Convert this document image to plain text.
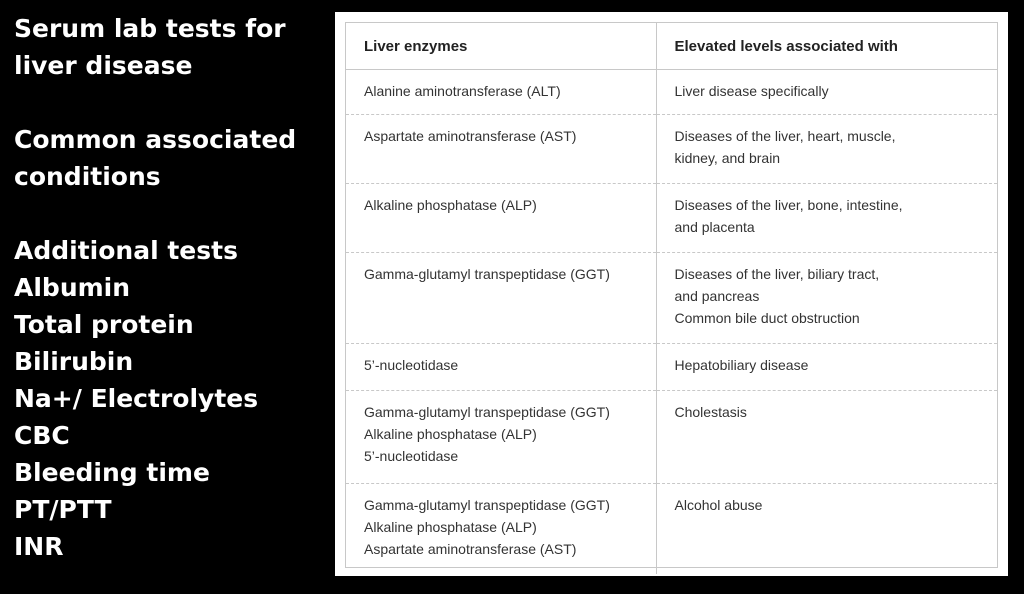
Serum lab tests for
liver disease
Common associated
conditions
Additional tests
Albumin
Total protein
Bilirubin
Na+/ Electrolytes
CBC
Bleeding time
PT/PTT
INR
Liver enzymes	Elevated levels associated with

Alanine aminotransferase (ALT)	Liver disease specifically

Aspartate aminotransferase (AST)	Diseases of the liver, heart, muscle,
kidney, and brain

Alkaline phosphatase (ALP)	Diseases of the liver, bone, intestine,
and placenta

Gamma-glutamyl transpeptidase (GGT)	Diseases of the liver, biliary tract,
and pancreas
Common bile duct obstruction

5’-nucleotidase	Hepatobiliary disease

Gamma-glutamyl transpeptidase (GGT)
Alkaline phosphatase (ALP)
5’-nucleotidase	Cholestasis

Gamma-glutamyl transpeptidase (GGT)
Alkaline phosphatase (ALP)
Aspartate aminotransferase (AST)	Alcohol abuse
